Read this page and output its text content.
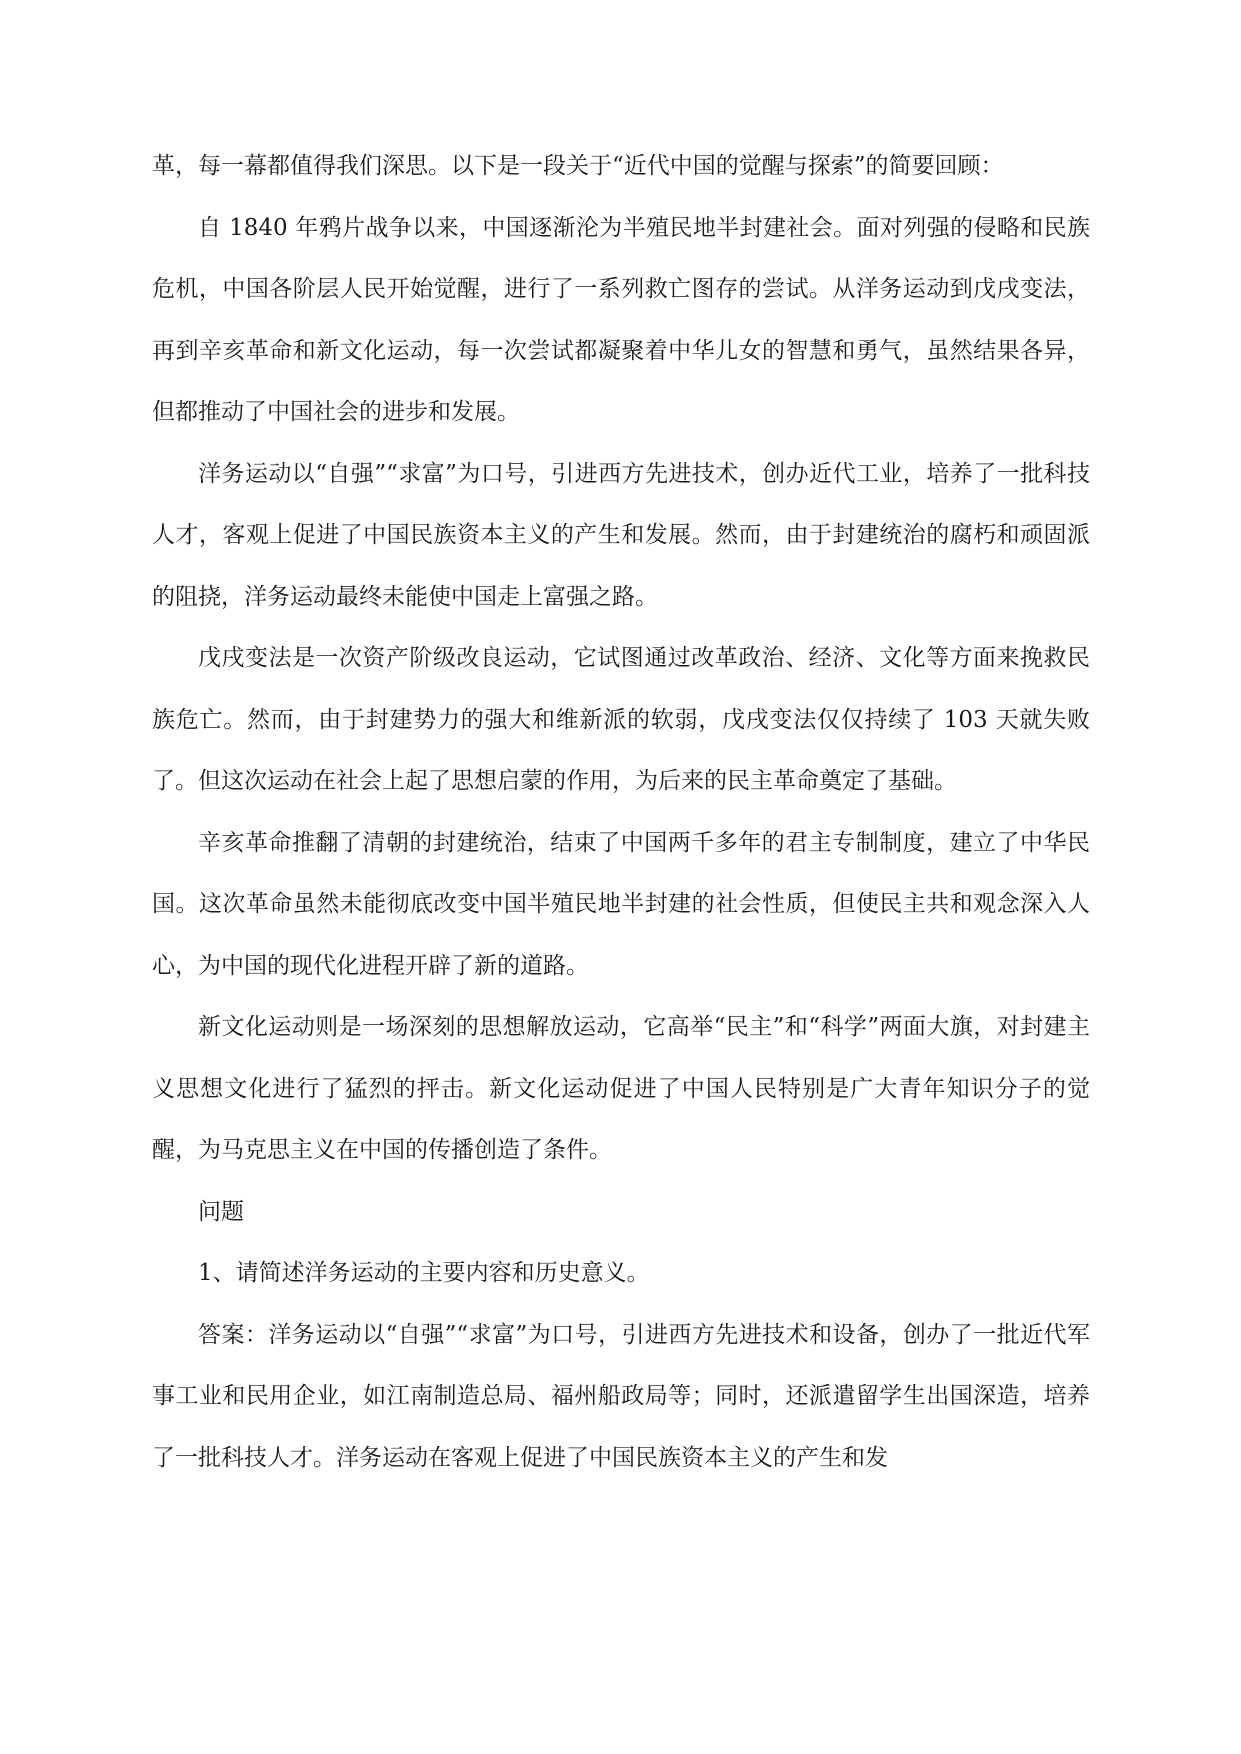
革，每一幕都值得我们深思。以下是一段关于“近代中国的觉醒与探索”的简要回顾：

自 1840 年鸦片战争以来，中国逐渐沦为半殖民地半封建社会。面对列强的侵略和民族危机，中国各阶层人民开始觉醒，进行了一系列救亡图存的尝试。从洋务运动到戊戌变法，再到辛亥革命和新文化运动，每一次尝试都凝聚着中华儿女的智慧和勇气，虽然结果各异，但都推动了中国社会的进步和发展。

洋务运动以“自强”“求富”为口号，引进西方先进技术，创办近代工业，培养了一批科技人才，客观上促进了中国民族资本主义的产生和发展。然而，由于封建统治的腐朽和顽固派的阻挠，洋务运动最终未能使中国走上富强之路。

戊戌变法是一次资产阶级改良运动，它试图通过改革政治、经济、文化等方面来挽救民族危亡。然而，由于封建势力的强大和维新派的软弱，戊戌变法仅仅持续了 103 天就失败了。但这次运动在社会上起了思想启蒙的作用，为后来的民主革命奠定了基础。

辛亥革命推翻了清朝的封建统治，结束了中国两千多年的君主专制制度，建立了中华民国。这次革命虽然未能彻底改变中国半殖民地半封建的社会性质，但使民主共和观念深入人心，为中国的现代化进程开辟了新的道路。

新文化运动则是一场深刻的思想解放运动，它高举“民主”和“科学”两面大旗，对封建主义思想文化进行了猛烈的抨击。新文化运动促进了中国人民特别是广大青年知识分子的觉醒，为马克思主义在中国的传播创造了条件。

问题

1、请简述洋务运动的主要内容和历史意义。

答案：洋务运动以“自强”“求富”为口号，引进西方先进技术和设备，创办了一批近代军事工业和民用企业，如江南制造总局、福州船政局等；同时，还派遣留学生出国深造，培养了一批科技人才。洋务运动在客观上促进了中国民族资本主义的产生和发
